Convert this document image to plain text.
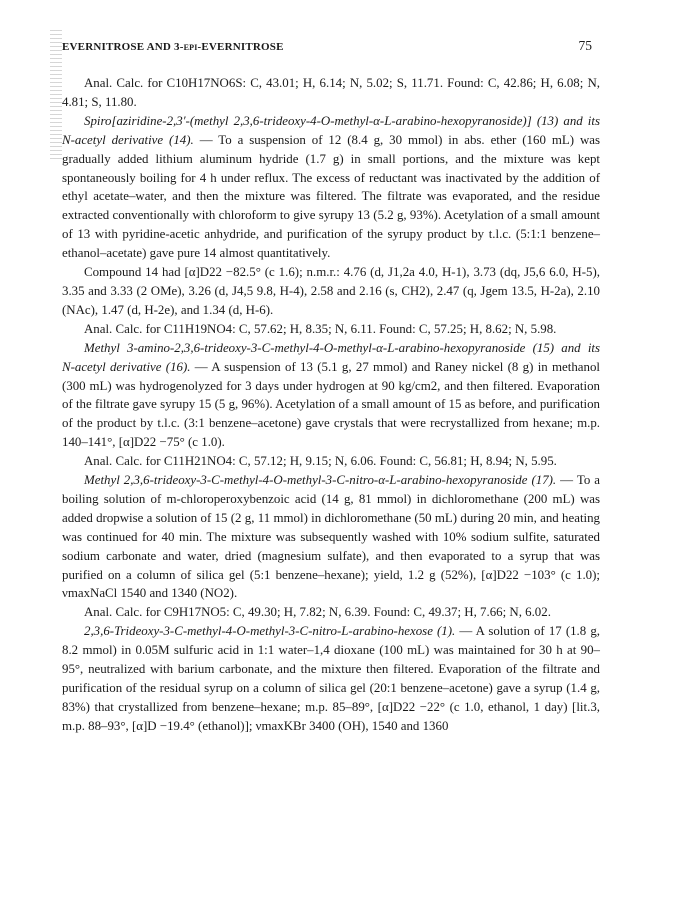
EVERNITROSE AND 3-epi-EVERNITROSE	75

Anal. Calc. for C10H17NO6S: C, 43.01; H, 6.14; N, 5.02; S, 11.71. Found: C, 42.86; H, 6.08; N, 4.81; S, 11.80.

Spiro[aziridine-2,3′-(methyl 2,3,6-trideoxy-4-O-methyl-α-L-arabino-hexopyranoside)] (13) and its N-acetyl derivative (14). — To a suspension of 12 (8.4 g, 30 mmol) in abs. ether (160 mL) was gradually added lithium aluminum hydride (1.7 g) in small portions, and the mixture was kept spontaneously boiling for 4 h under reflux. The excess of reductant was inactivated by the addition of ethyl acetate–water, and then the mixture was filtered. The filtrate was evaporated, and the residue extracted conventionally with chloroform to give syrupy 13 (5.2 g, 93%). Acetylation of a small amount of 13 with pyridine-acetic anhydride, and purification of the syrupy product by t.l.c. (5:1:1 benzene–ethanol–acetate) gave pure 14 almost quantitatively.

Compound 14 had [α]D22 −82.5° (c 1.6); n.m.r.: 4.76 (d, J1,2a 4.0, H-1), 3.73 (dq, J5,6 6.0, H-5), 3.35 and 3.33 (2 OMe), 3.26 (d, J4,5 9.8, H-4), 2.58 and 2.16 (s, CH2), 2.47 (q, Jgem 13.5, H-2a), 2.10 (NAc), 1.47 (d, H-2e), and 1.34 (d, H-6).

Anal. Calc. for C11H19NO4: C, 57.62; H, 8.35; N, 6.11. Found: C, 57.25; H, 8.62; N, 5.98.

Methyl 3-amino-2,3,6-trideoxy-3-C-methyl-4-O-methyl-α-L-arabino-hexopyranoside (15) and its N-acetyl derivative (16). — A suspension of 13 (5.1 g, 27 mmol) and Raney nickel (8 g) in methanol (300 mL) was hydrogenolyzed for 3 days under hydrogen at 90 kg/cm2, and then filtered. Evaporation of the filtrate gave syrupy 15 (5 g, 96%). Acetylation of a small amount of 15 as before, and purification of the product by t.l.c. (3:1 benzene–acetone) gave crystals that were recrystallized from hexane; m.p. 140–141°, [α]D22 −75° (c 1.0).

Anal. Calc. for C11H21NO4: C, 57.12; H, 9.15; N, 6.06. Found: C, 56.81; H, 8.94; N, 5.95.

Methyl 2,3,6-trideoxy-3-C-methyl-4-O-methyl-3-C-nitro-α-L-arabino-hexopyranoside (17). — To a boiling solution of m-chloroperoxybenzoic acid (14 g, 81 mmol) in dichloromethane (200 mL) was added dropwise a solution of 15 (2 g, 11 mmol) in dichloromethane (50 mL) during 20 min, and heating was continued for 40 min. The mixture was subsequently washed with 10% sodium sulfite, saturated sodium carbonate and water, dried (magnesium sulfate), and then evaporated to a syrup that was purified on a column of silica gel (5:1 benzene–hexane); yield, 1.2 g (52%), [α]D22 −103° (c 1.0); νmaxNaCl 1540 and 1340 (NO2).

Anal. Calc. for C9H17NO5: C, 49.30; H, 7.82; N, 6.39. Found: C, 49.37; H, 7.66; N, 6.02.

2,3,6-Trideoxy-3-C-methyl-4-O-methyl-3-C-nitro-L-arabino-hexose (1). — A solution of 17 (1.8 g, 8.2 mmol) in 0.05M sulfuric acid in 1:1 water–1,4 dioxane (100 mL) was maintained for 30 h at 90–95°, neutralized with barium carbonate, and the mixture then filtered. Evaporation of the filtrate and purification of the residual syrup on a column of silica gel (20:1 benzene–acetone) gave a syrup (1.4 g, 83%) that crystallized from benzene–hexane; m.p. 85–89°, [α]D22 −22° (c 1.0, ethanol, 1 day) [lit.3, m.p. 88–93°, [α]D −19.4° (ethanol)]; νmaxKBr 3400 (OH), 1540 and 1360
